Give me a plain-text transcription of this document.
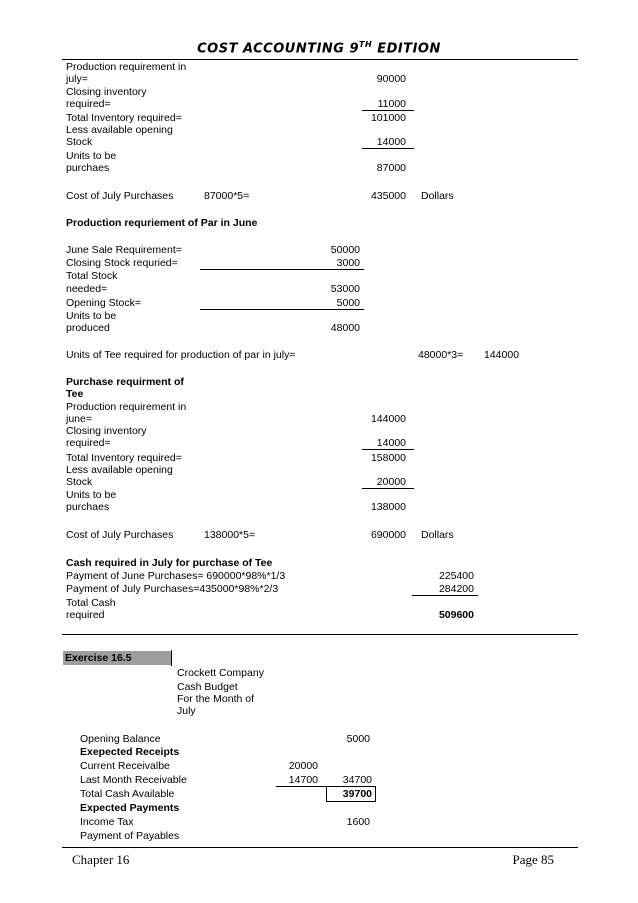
COST ACCOUNTING 9TH EDITION
Production requirement in
july=	90000
Closing inventory
required=	11000
Total Inventory required=	101000
Less available opening
Stock	14000
Units to be
purchaes	87000
Cost of July Purchases	87000*5=	435000 Dollars
Production requriement of Par in June
June Sale Requirement=	50000
Closing Stock requried=	3000
Total Stock
needed=	53000
Opening Stock=	5000
Units to be
produced	48000
Units of Tee required for production of par in july=	48000*3= 144000
Purchase requirment of
Tee
Production requirement in
june=	144000
Closing inventory
required=	14000
Total Inventory required=	158000
Less available opening
Stock	20000
Units to be
purchaes	138000
Cost of July Purchases	138000*5=	690000 Dollars
Cash required in July for purchase of Tee
Payment of June Purchases= 690000*98%*1/3	225400
Payment of July Purchases=435000*98%*2/3	284200
Total Cash
required	509600
Exercise 16.5
Crockett Company
Cash Budget
For the Month of
July
Opening Balance	5000
Exepected Receipts
Current Receivalbe	20000
Last Month Receivable	14700	34700
Total Cash Available	39700
Expected Payments
Income Tax	1600
Payment of Payables
Chapter 16	Page 85
